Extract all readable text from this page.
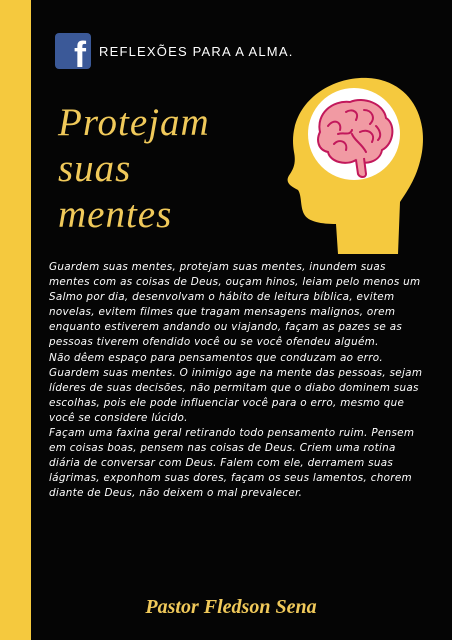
f REFLEXÕES PARA A ALMA.
Protejam
suas
mentes

Guardem suas mentes, protejam suas mentes, inundem suas mentes com as coisas de Deus, ouçam hinos, leiam pelo menos um Salmo por dia, desenvolvam o hábito de leitura bíblica, evitem novelas, evitem filmes que tragam mensagens malignos, orem enquanto estiverem andando ou viajando, façam as pazes se as pessoas tiverem ofendido você ou se você ofendeu alguém.

Não dêem espaço para pensamentos que conduzam ao erro. Guardem suas mentes. O inimigo age na mente das pessoas, sejam líderes de suas decisões, não permitam que o diabo dominem suas escolhas, pois ele pode influenciar você para o erro, mesmo que você se considere lúcido.

Façam uma faxina geral retirando todo pensamento ruim. Pensem em coisas boas, pensem nas coisas de Deus. Criem uma rotina diária de conversar com Deus. Falem com ele, derramem suas lágrimas, exponhom suas dores, façam os seus lamentos, chorem diante de Deus, não deixem o mal prevalecer.

Pastor Fledson Sena
